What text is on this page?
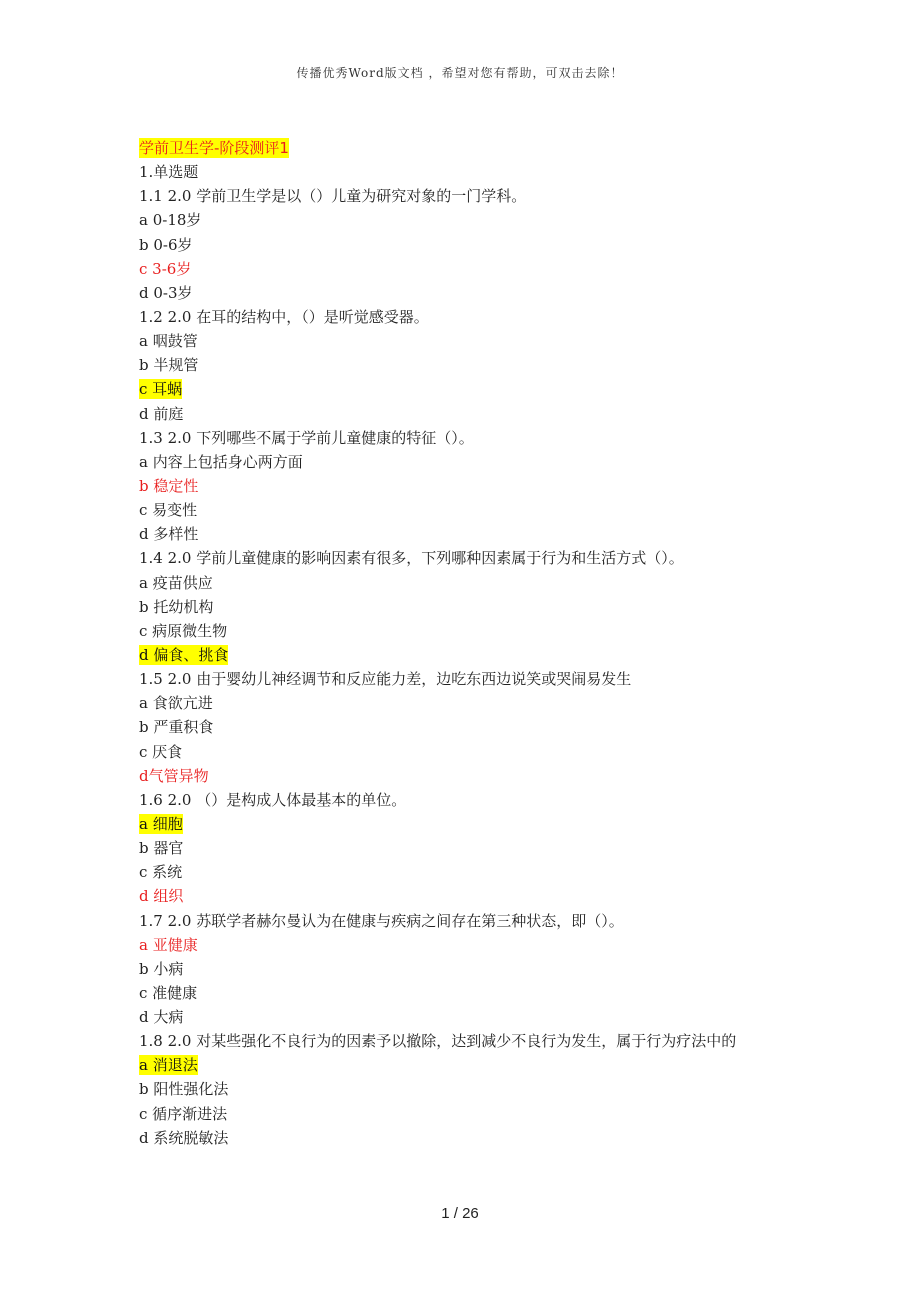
传播优秀Word版文档 ，希望对您有帮助，可双击去除！
学前卫生学-阶段测评1
1.单选题
1.1 2.0 学前卫生学是以（）儿童为研究对象的一门学科。
a 0-18岁
b 0-6岁
c 3-6岁
d 0-3岁
1.2 2.0 在耳的结构中，（）是听觉感受器。
a 咽鼓管
b 半规管
c 耳蜗
d 前庭
1.3 2.0 下列哪些不属于学前儿童健康的特征（）。
a 内容上包括身心两方面
b 稳定性
c 易变性
d 多样性
1.4 2.0 学前儿童健康的影响因素有很多，下列哪种因素属于行为和生活方式（）。
a 疫苗供应
b 托幼机构
c 病原微生物
d 偏食、挑食
1.5 2.0 由于婴幼儿神经调节和反应能力差，边吃东西边说笑或哭闹易发生
a 食欲亢进
b 严重积食
c 厌食
d气管异物
1.6 2.0 （）是构成人体最基本的单位。
a 细胞
b 器官
c 系统
d 组织
1.7 2.0 苏联学者赫尔曼认为在健康与疾病之间存在第三种状态，即（）。
a 亚健康
b 小病
c 准健康
d 大病
1.8 2.0 对某些强化不良行为的因素予以撤除，达到减少不良行为发生，属于行为疗法中的
a 消退法
b 阳性强化法
c 循序渐进法
d 系统脱敏法
1 / 26
